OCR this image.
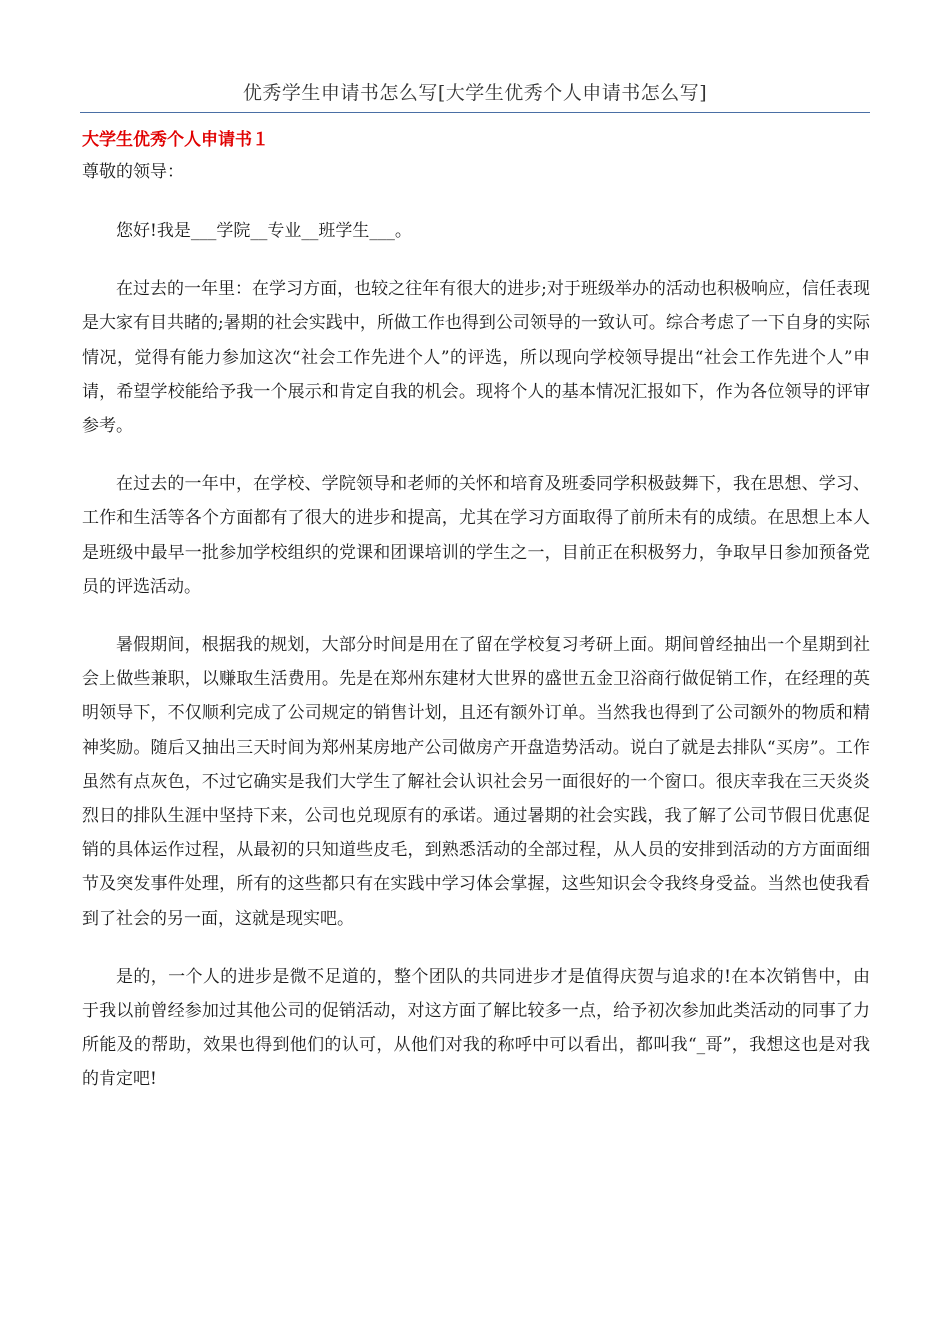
优秀学生申请书怎么写[大学生优秀个人申请书怎么写]
大学生优秀个人申请书１
尊敬的领导：

您好!我是___学院__专业__班学生___。

在过去的一年里：在学习方面，也较之往年有很大的进步;对于班级举办的活动也积极响应，信任表现是大家有目共睹的;暑期的社会实践中，所做工作也得到公司领导的一致认可。综合考虑了一下自身的实际情况，觉得有能力参加这次“社会工作先进个人”的评选，所以现向学校领导提出“社会工作先进个人”申请，希望学校能给予我一个展示和肯定自我的机会。现将个人的基本情况汇报如下，作为各位领导的评审参考。

在过去的一年中，在学校、学院领导和老师的关怀和培育及班委同学积极鼓舞下，我在思想、学习、工作和生活等各个方面都有了很大的进步和提高，尤其在学习方面取得了前所未有的成绩。在思想上本人是班级中最早一批参加学校组织的党课和团课培训的学生之一，目前正在积极努力，争取早日参加预备党员的评选活动。

暑假期间，根据我的规划，大部分时间是用在了留在学校复习考研上面。期间曾经抽出一个星期到社会上做些兼职，以赚取生活费用。先是在郑州东建材大世界的盛世五金卫浴商行做促销工作，在经理的英明领导下，不仅顺利完成了公司规定的销售计划，且还有额外订单。当然我也得到了公司额外的物质和精神奖励。随后又抽出三天时间为郑州某房地产公司做房产开盘造势活动。说白了就是去排队“买房”。工作虽然有点灰色，不过它确实是我们大学生了解社会认识社会另一面很好的一个窗口。很庆幸我在三天炎炎烈日的排队生涯中坚持下来，公司也兑现原有的承诺。通过暑期的社会实践，我了解了公司节假日优惠促销的具体运作过程，从最初的只知道些皮毛，到熟悉活动的全部过程，从人员的安排到活动的方方面面细节及突发事件处理，所有的这些都只有在实践中学习体会掌握，这些知识会令我终身受益。当然也使我看到了社会的另一面，这就是现实吧。

是的，一个人的进步是微不足道的，整个团队的共同进步才是值得庆贺与追求的!在本次销售中，由于我以前曾经参加过其他公司的促销活动，对这方面了解比较多一点，给予初次参加此类活动的同事了力所能及的帮助，效果也得到他们的认可，从他们对我的称呼中可以看出，都叫我“_哥”，我想这也是对我的肯定吧!
